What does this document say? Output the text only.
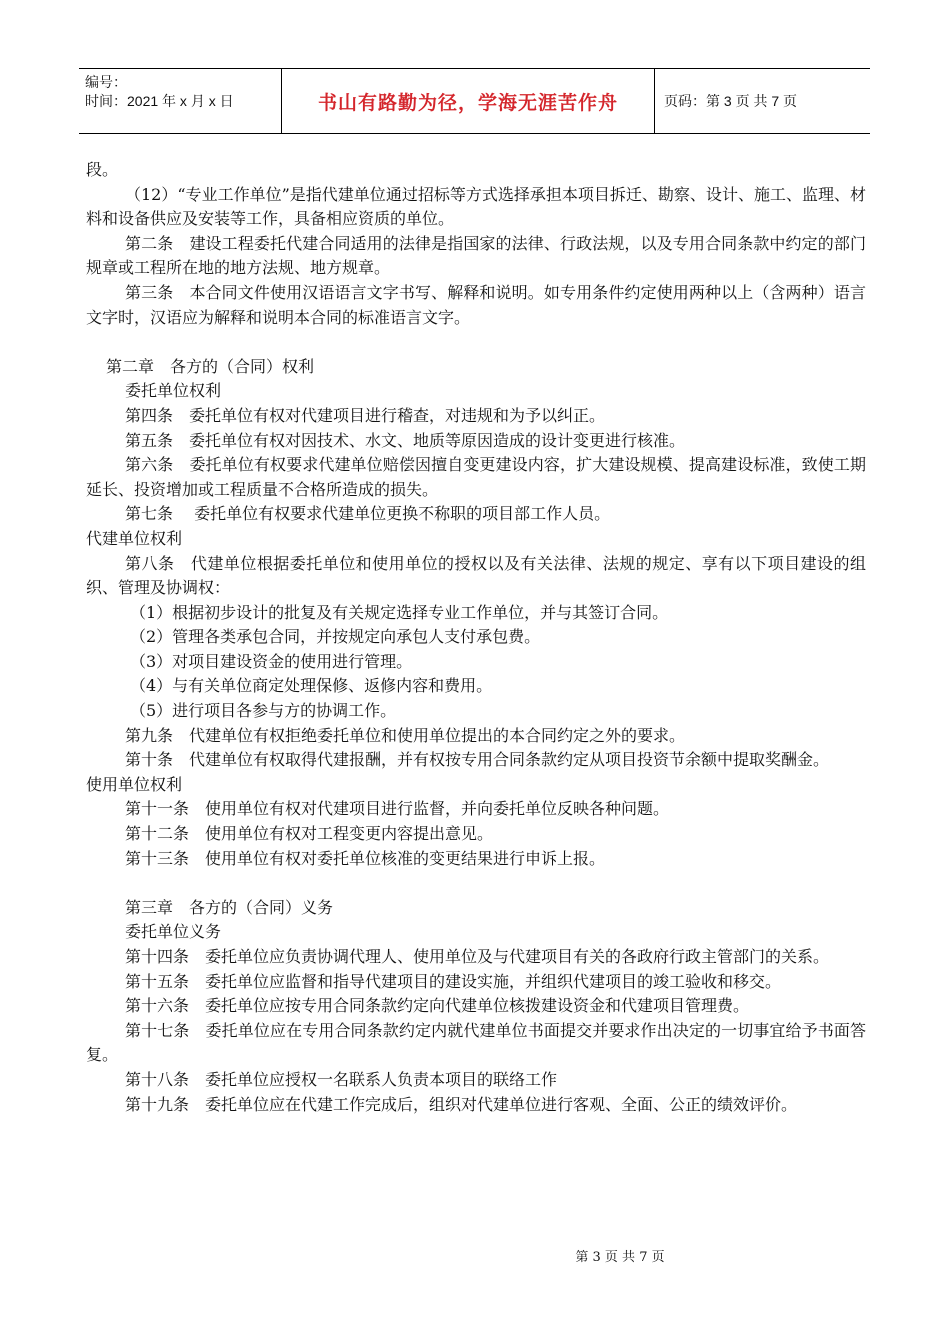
编号：
时间：2021 年 x 月 x 日	书山有路勤为径，学海无涯苦作舟	页码：第 3 页 共 7 页

段。

（12）“专业工作单位”是指代建单位通过招标等方式选择承担本项目拆迁、勘察、设计、施工、监理、材料和设备供应及安装等工作，具备相应资质的单位。

第二条　建设工程委托代建合同适用的法律是指国家的法律、行政法规，以及专用合同条款中约定的部门规章或工程所在地的地方法规、地方规章。

第三条　本合同文件使用汉语语言文字书写、解释和说明。如专用条件约定使用两种以上（含两种）语言文字时，汉语应为解释和说明本合同的标准语言文字。

第二章　各方的（合同）权利

委托单位权利

第四条　委托单位有权对代建项目进行稽查，对违规和为予以纠正。

第五条　委托单位有权对因技术、水文、地质等原因造成的设计变更进行核准。

第六条　委托单位有权要求代建单位赔偿因擅自变更建设内容，扩大建设规模、提高建设标准，致使工期延长、投资增加或工程质量不合格所造成的损失。

第七条　 委托单位有权要求代建单位更换不称职的项目部工作人员。

代建单位权利

第八条　代建单位根据委托单位和使用单位的授权以及有关法律、法规的规定、享有以下项目建设的组织、管理及协调权：

（1）根据初步设计的批复及有关规定选择专业工作单位，并与其签订合同。

（2）管理各类承包合同，并按规定向承包人支付承包费。

（3）对项目建设资金的使用进行管理。

（4）与有关单位商定处理保修、返修内容和费用。

（5）进行项目各参与方的协调工作。

第九条　代建单位有权拒绝委托单位和使用单位提出的本合同约定之外的要求。

第十条　代建单位有权取得代建报酬，并有权按专用合同条款约定从项目投资节余额中提取奖酬金。

使用单位权利

第十一条　使用单位有权对代建项目进行监督，并向委托单位反映各种问题。

第十二条　使用单位有权对工程变更内容提出意见。

第十三条　使用单位有权对委托单位核准的变更结果进行申诉上报。

第三章　各方的（合同）义务

委托单位义务

第十四条　委托单位应负责协调代理人、使用单位及与代建项目有关的各政府行政主管部门的关系。

第十五条　委托单位应监督和指导代建项目的建设实施，并组织代建项目的竣工验收和移交。

第十六条　委托单位应按专用合同条款约定向代建单位核拨建设资金和代建项目管理费。

第十七条　委托单位应在专用合同条款约定内就代建单位书面提交并要求作出决定的一切事宜给予书面答复。

第十八条　委托单位应授权一名联系人负责本项目的联络工作

第十九条　委托单位应在代建工作完成后，组织对代建单位进行客观、全面、公正的绩效评价。

第 3 页 共 7 页
